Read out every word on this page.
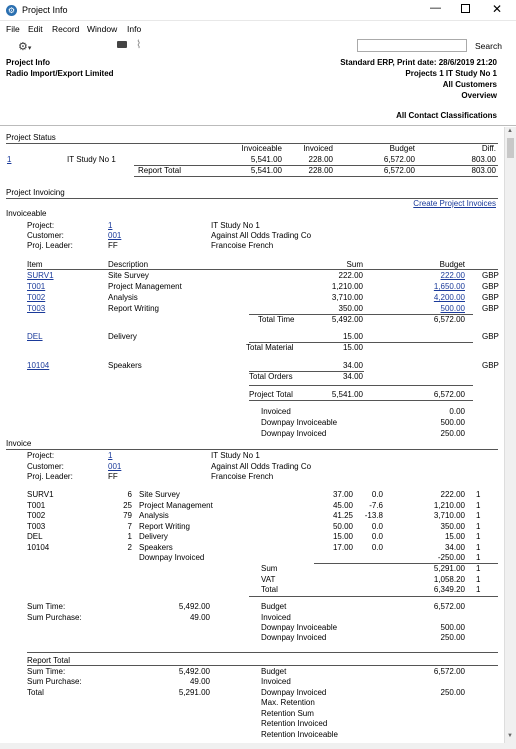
⚙ Project Info	—	✕
File Edit Record Window Info
⚙▾	⌇	Search
Project Info
Radio Import/Export Limited
Standard ERP, Print date: 28/6/2019 21:20
Projects 1 IT Study No 1
All Customers
Overview
All Contact Classifications
Project Status
Invoiceable	Invoiced	Budget	Diff.
1	IT Study No 1	5,541.00	228.00	6,572.00	803.00
Report Total	5,541.00	228.00	6,572.00	803.00
Project Invoicing
Create Project Invoices
Invoiceable
Project:	1	IT Study No 1
Customer:	001	Against All Odds Trading Co
Proj. Leader:	FF	Francoise French
Item	Description	Sum	Budget
SURV1	Site Survey	222.00	222.00 GBP
T001	Project Management	1,210.00	1,650.00 GBP
T002	Analysis	3,710.00	4,200.00 GBP
T003	Report Writing	350.00	500.00 GBP
Total Time	5,492.00	6,572.00
DEL	Delivery	15.00	GBP
Total Material	15.00
10104	Speakers	34.00	GBP
Total Orders	34.00
Project Total	5,541.00	6,572.00
Invoiced	0.00
Downpay Invoiceable	500.00
Downpay Invoiced	250.00
Invoice
Project:	1	IT Study No 1
Customer:	001	Against All Odds Trading Co
Proj. Leader:	FF	Francoise French
SURV1	6 Site Survey	37.00 0.0	222.00 1
T001	25 Project Management	45.00 -7.6	1,210.00 1
T002	79 Analysis	41.25 -13.8	3,710.00 1
T003	7 Report Writing	50.00 0.0	350.00 1
DEL	1 Delivery	15.00 0.0	15.00 1
10104	2 Speakers	17.00 0.0	34.00 1
Downpay Invoiced	-250.00 1
Sum	5,291.00 1
VAT	1,058.20 1
Total	6,349.20 1
Sum Time:	5,492.00
Sum Purchase:	49.00
Budget	6,572.00
Invoiced
Downpay Invoiceable	500.00
Downpay Invoiced	250.00
Report Total
Sum Time:	5,492.00
Sum Purchase:	49.00
Total	5,291.00
Budget	6,572.00
Invoiced
Downpay Invoiced	250.00
Max. Retention
Retention Sum
Retention Invoiced
Retention Invoiceable
▲
▼
